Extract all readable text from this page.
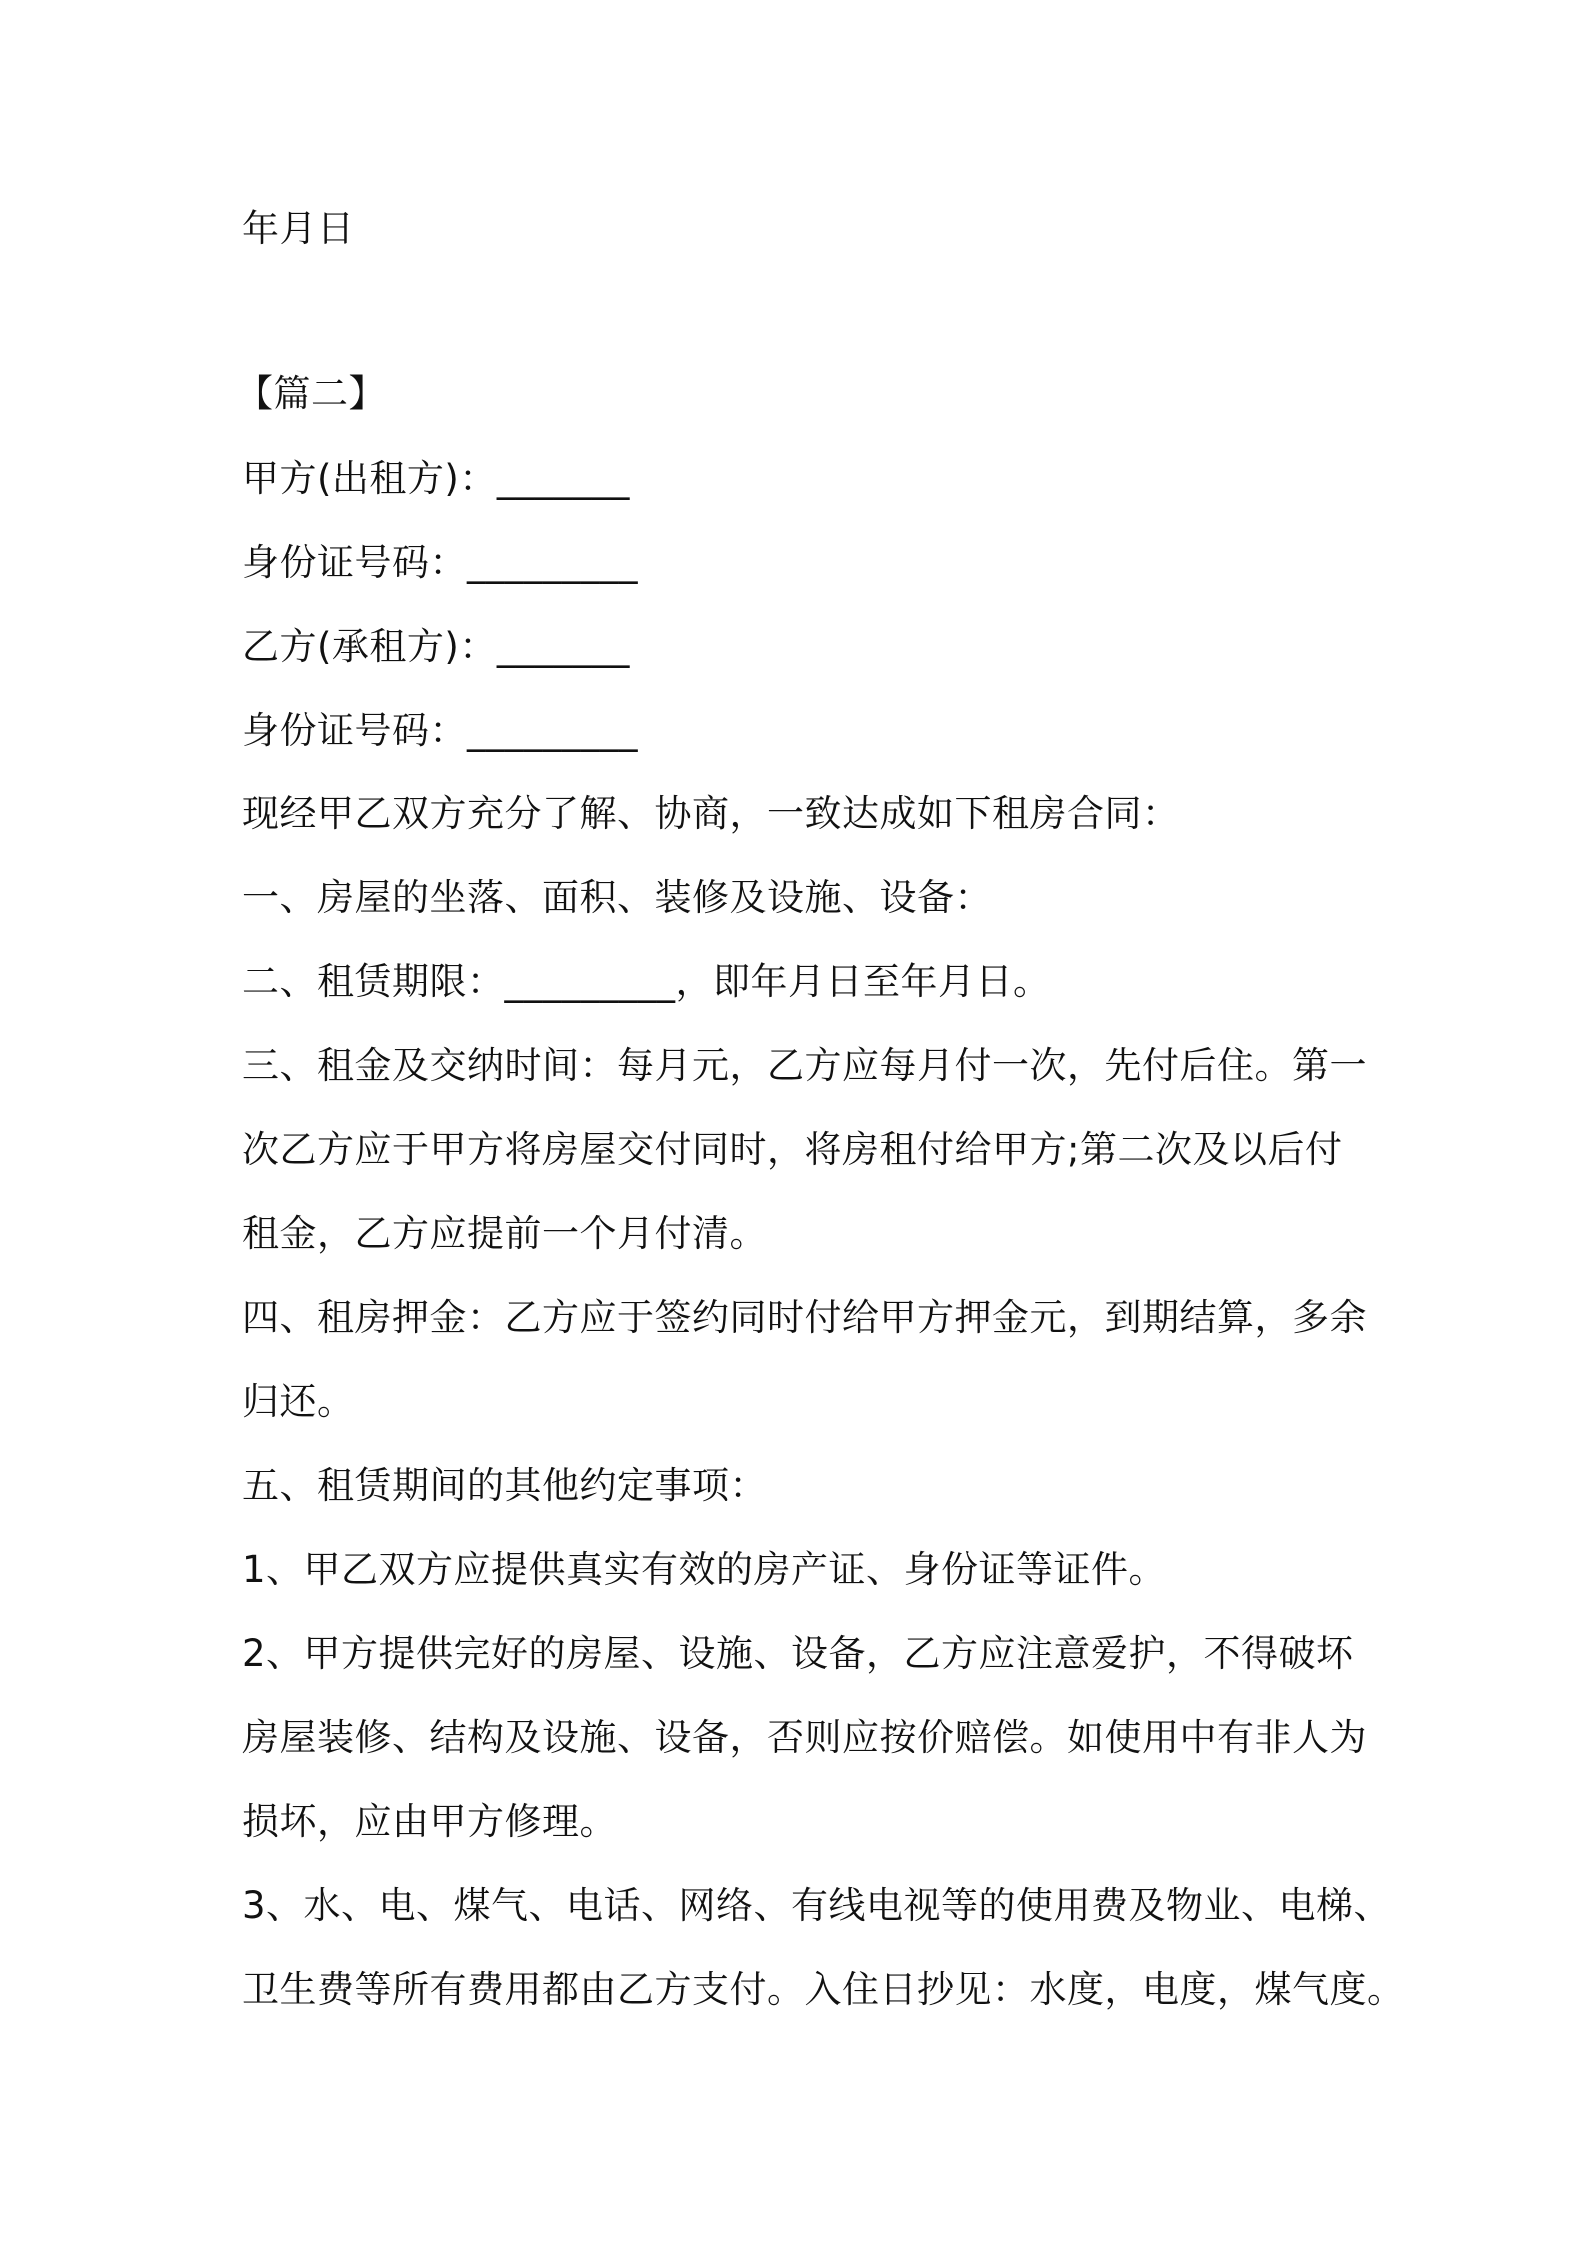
年月日
【篇二】
甲方(出租方)：_______
身份证号码：_________
乙方(承租方)：_______
身份证号码：_________
现经甲乙双方充分了解、协商，一致达成如下租房合同：
一、房屋的坐落、面积、装修及设施、设备：
二、租赁期限：_________，即年月日至年月日。
三、租金及交纳时间：每月元，乙方应每月付一次，先付后住。第一
次乙方应于甲方将房屋交付同时，将房租付给甲方;第二次及以后付
租金，乙方应提前一个月付清。
四、租房押金：乙方应于签约同时付给甲方押金元，到期结算，多余
归还。
五、租赁期间的其他约定事项：
1、甲乙双方应提供真实有效的房产证、身份证等证件。
2、甲方提供完好的房屋、设施、设备，乙方应注意爱护，不得破坏
房屋装修、结构及设施、设备，否则应按价赔偿。如使用中有非人为
损坏，应由甲方修理。
3、水、电、煤气、电话、网络、有线电视等的使用费及物业、电梯、
卫生费等所有费用都由乙方支付。入住日抄见：水度，电度，煤气度。
